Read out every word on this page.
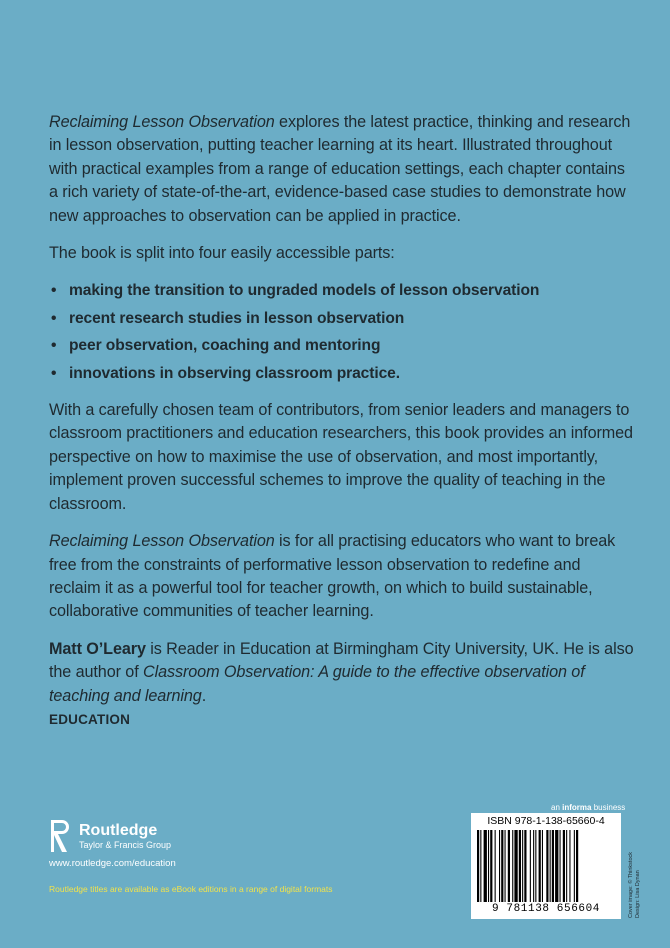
Reclaiming Lesson Observation explores the latest practice, thinking and research in lesson observation, putting teacher learning at its heart. Illustrated throughout with practical examples from a range of education settings, each chapter contains a rich variety of state-of-the-art, evidence-based case studies to demonstrate how new approaches to observation can be applied in practice.

The book is split into four easily accessible parts:

• making the transition to ungraded models of lesson observation
• recent research studies in lesson observation
• peer observation, coaching and mentoring
• innovations in observing classroom practice.

With a carefully chosen team of contributors, from senior leaders and managers to classroom practitioners and education researchers, this book provides an informed perspective on how to maximise the use of observation, and most importantly, implement proven successful schemes to improve the quality of teaching in the classroom.

Reclaiming Lesson Observation is for all practising educators who want to break free from the constraints of performative lesson observation to redefine and reclaim it as a powerful tool for teacher growth, on which to build sustainable, collaborative communities of teacher learning.

Matt O’Leary is Reader in Education at Birmingham City University, UK. He is also the author of Classroom Observation: A guide to the effective observation of teaching and learning.

EDUCATION
Routledge
Taylor & Francis Group
www.routledge.com/education
Routledge titles are available as eBook editions in a range of digital formats
an informa business
ISBN 978-1-138-65660-4
9 781138 656604	Cover image: © Thinkstock Design: Lisa Dynan
